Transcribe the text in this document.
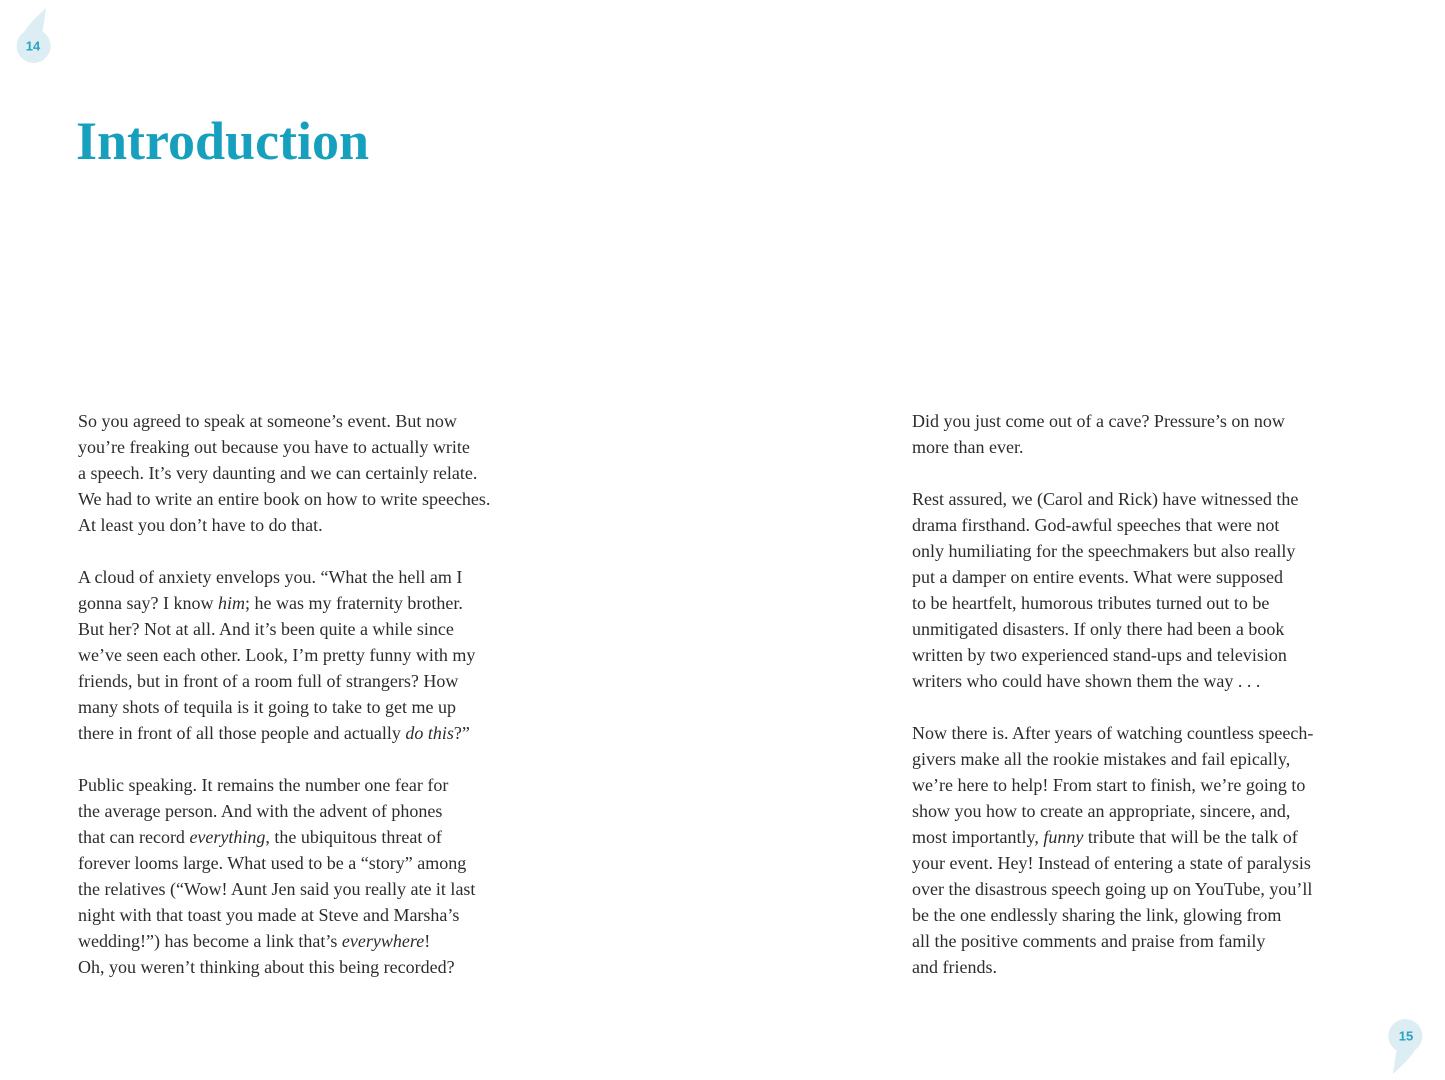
14
Introduction

So you agreed to speak at someone’s event. But now
you’re freaking out because you have to actually write
a speech. It’s very daunting and we can certainly relate.
We had to write an entire book on how to write speeches.
At least you don’t have to do that.

A cloud of anxiety envelops you. “What the hell am I
gonna say? I know him; he was my fraternity brother.
But her? Not at all. And it’s been quite a while since
we’ve seen each other. Look, I’m pretty funny with my
friends, but in front of a room full of strangers? How
many shots of tequila is it going to take to get me up
there in front of all those people and actually do this?”

Public speaking. It remains the number one fear for
the average person. And with the advent of phones
that can record everything, the ubiquitous threat of
forever looms large. What used to be a “story” among
the relatives (“Wow! Aunt Jen said you really ate it last
night with that toast you made at Steve and Marsha’s
wedding!”) has become a link that’s everywhere!
Oh, you weren’t thinking about this being recorded?

Did you just come out of a cave? Pressure’s on now
more than ever.

Rest assured, we (Carol and Rick) have witnessed the
drama firsthand. God-awful speeches that were not
only humiliating for the speechmakers but also really
put a damper on entire events. What were supposed
to be heartfelt, humorous tributes turned out to be
unmitigated disasters. If only there had been a book
written by two experienced stand-ups and television
writers who could have shown them the way . . .

Now there is. After years of watching countless speech-
givers make all the rookie mistakes and fail epically,
we’re here to help! From start to finish, we’re going to
show you how to create an appropriate, sincere, and,
most importantly, funny tribute that will be the talk of
your event. Hey! Instead of entering a state of paralysis
over the disastrous speech going up on YouTube, you’ll
be the one endlessly sharing the link, glowing from
all the positive comments and praise from family
and friends.

15
